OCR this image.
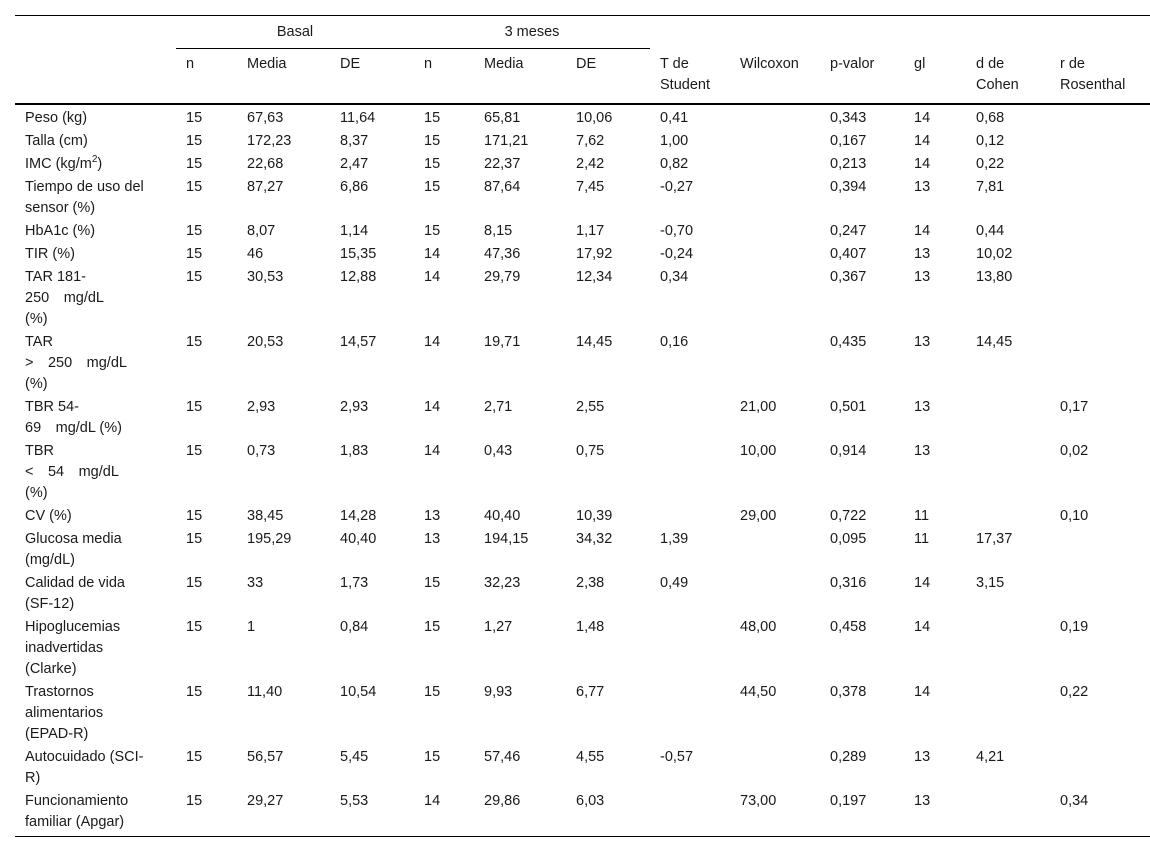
	Basal			3 meses								
	n	Media	DE	n	Media	DE	T de Student	Wilcoxon	p-valor	gl	d de Cohen	r de Rosenthal
Peso (kg)	15	67,63	11,64	15	65,81	10,06	0,41		0,343	14	0,68	
Talla (cm)	15	172,23	8,37	15	171,21	7,62	1,00		0,167	14	0,12	
IMC $(kg/m^2)$	15	22,68	2,47	15	22,37	2,42	0,82		0,213	14	0,22	
Tiempo de uso del sensor (%)	15	87,27	6,86	15	87,64	7,45	-0,27		0,394	13	7,81	
HbA1c (%)	15	8,07	1,14	15	8,15	1,17	-0,70		0,247	14	0,44	
TIR (%)	15	46	15,35	14	47,36	17,92	-0,24		0,407	13	10,02	
TAR 181-
250 mg/dL
(%)	15	30,53	12,88	14	29,79	12,34	0,34		0,367	13	13,80	
TAR
> 250 mg/dL
(%)	15	20,53	14,57	14	19,71	14,45	0,16		0,435	13	14,45	
TBR 54-
69 mg/dL (%)	15	2,93	2,93	14	2,71	2,55		21,00	0,501	13		0,17
TBR
< 54 mg/dL
(%)	15	0,73	1,83	14	0,43	0,75		10,00	0,914	13		0,02
CV (%)	15	38,45	14,28	13	40,40	10,39		29,00	0,722	11		0,10
Glucosa media (mg/dL)	15	195,29	40,40	13	194,15	34,32	1,39		0,095	11	17,37	
Calidad de vida (SF-12)	15	33	1,73	15	32,23	2,38	0,49		0,316	14	3,15	
Hipoglucemias inadvertidas (Clarke)	15	1	0,84	15	1,27	1,48		48,00	0,458	14		0,19
Trastornos alimentarios (EPAD-R)	15	11,40	10,54	15	9,93	6,77		44,50	0,378	14		0,22
Autocuidado (SCI-R)	15	56,57	5,45	15	57,46	4,55	-0,57		0,289	13	4,21	
Funcionamiento familiar (Apgar)	15	29,27	5,53	14	29,86	6,03		73,00	0,197	13		0,34
